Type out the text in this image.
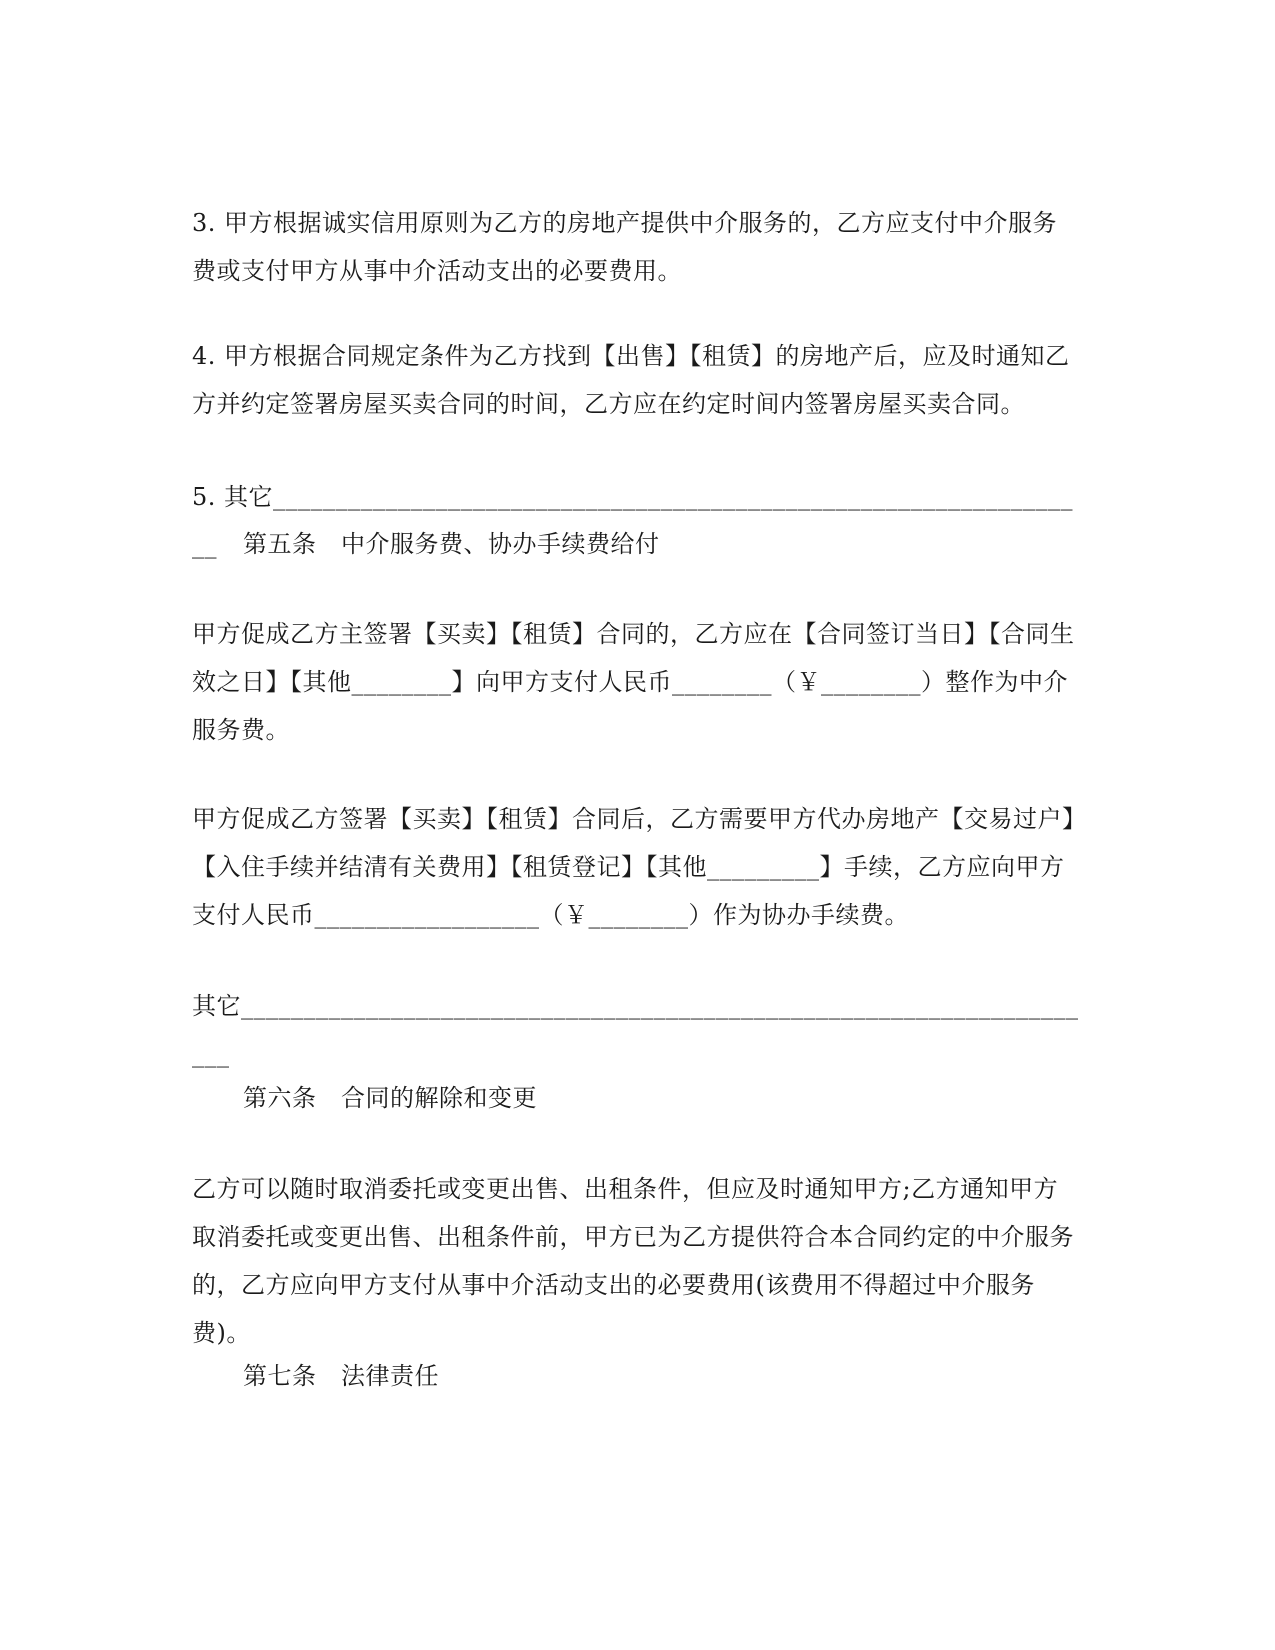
3. 甲方根据诚实信用原则为乙方的房地产提供中介服务的，乙方应支付中介服务费或支付甲方从事中介活动支出的必要费用。

4. 甲方根据合同规定条件为乙方找到【出售】【租赁】的房地产后，应及时通知乙方并约定签署房屋买卖合同的时间，乙方应在约定时间内签署房屋买卖合同。

5. 其它__________________________________________________________________	第五条　中介服务费、协办手续费给付

甲方促成乙方主签署【买卖】【租赁】合同的，乙方应在【合同签订当日】【合同生效之日】【其他________】向甲方支付人民币________（￥________）整作为中介服务费。

甲方促成乙方签署【买卖】【租赁】合同后，乙方需要甲方代办房地产【交易过户】【入住手续并结清有关费用】【租赁登记】【其他_________】手续，乙方应向甲方支付人民币__________________（￥________）作为协办手续费。

其它______________________________________________________________________

第六条　合同的解除和变更

乙方可以随时取消委托或变更出售、出租条件，但应及时通知甲方;乙方通知甲方取消委托或变更出售、出租条件前，甲方已为乙方提供符合本合同约定的中介服务的，乙方应向甲方支付从事中介活动支出的必要费用(该费用不得超过中介服务费)。

第七条　法律责任
